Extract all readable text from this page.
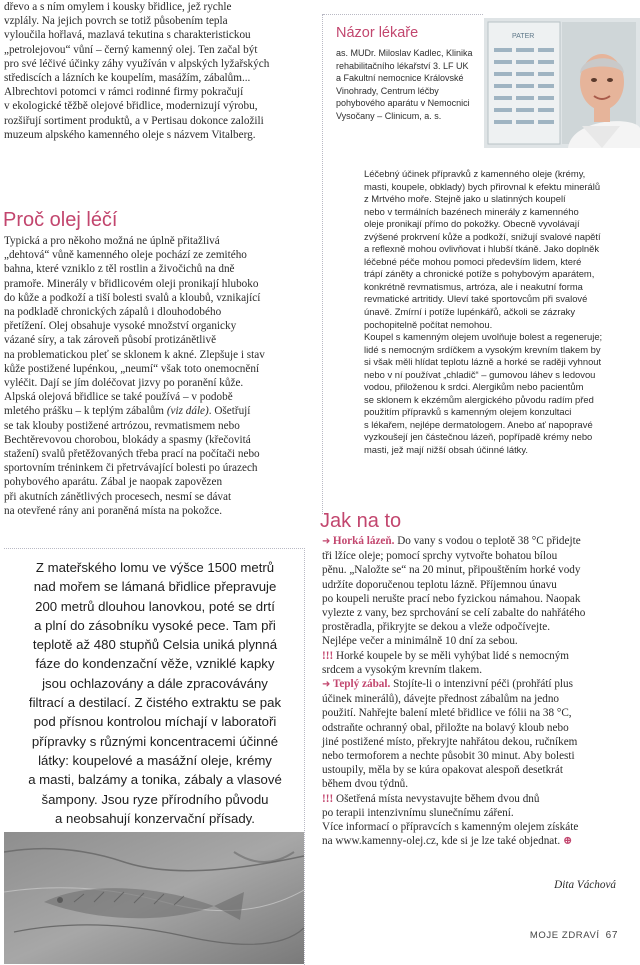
dřevo a s ním omylem i kousky břidlice, jež rychle
vzplály. Na jejich povrch se totiž působením tepla
vyloučila hořlavá, mazlavá tekutina s charakteristickou
„petrolejovou“ vůní – černý kamenný olej. Ten začal být
pro své léčivé účinky záhy využíván v alpských lyžařských
střediscích a lázních ke koupelím, masážím, zábalům...
Albrechtovi potomci v rámci rodinné firmy pokračují
v ekologické těžbě olejové břidlice, modernizují výrobu,
rozšiřují sortiment produktů, a v Pertisau dokonce založili
muzeum alpského kamenného oleje s názvem Vitalberg.
Proč olej léčí
Typická a pro někoho možná ne úplně přitažlivá
„dehtová“ vůně kamenného oleje pochází ze zemitého
bahna, které vzniklo z těl rostlin a živočichů na dně
pramoře. Minerály v břidlicovém oleji pronikají hluboko
do kůže a podkoží a tiší bolesti svalů a kloubů, vznikající
na podkladě chronických zápalů i dlouhodobého
přetížení. Olej obsahuje vysoké množství organicky
vázané síry, a tak zároveň působí protizánětlivě
na problematickou pleť se sklonem k akné. Zlepšuje i stav
kůže postižené lupénkou, „neumí“ však toto onemocnění
vyléčit. Dají se jím doléčovat jizvy po poranění kůže.
Alpská olejová břidlice se také používá – v podobě
mletého prášku – k teplým zábalům (viz dále). Ošetřují
se tak klouby postižené artrózou, revmatismem nebo
Bechtěrevovou chorobou, blokády a spasmy (křečovitá
stažení) svalů přetěžovaných třeba prací na počítači nebo
sportovním tréninkem či přetrvávající bolesti po úrazech
pohybového aparátu. Zábal je naopak zapovězen
při akutních zánětlivých procesech, nesmí se dávat
na otevřené rány ani poraněná místa na pokožce.
Názor lékaře
as. MUDr. Miloslav Kadlec, Klinika
rehabilitačního lékařství 3. LF UK
a Fakultní nemocnice Královské
Vinohrady, Centrum léčby
pohybového aparátu v Nemocnici
Vysočany – Clinicum, a. s.
PATER
Léčebný účinek přípravků z kamenného oleje (krémy,
masti, koupele, obklady) bych přirovnal k efektu minerálů
z Mrtvého moře. Stejně jako u slatinných koupelí
nebo v termálních bazénech minerály z kamenného
oleje pronikají přímo do pokožky. Obecně vyvolávají
zvýšené prokrvení kůže a podkoží, snižují svalové napětí
a reflexně mohou ovlivňovat i hlubší tkáně. Jako doplněk
léčebné péče mohou pomoci především lidem, které
trápí záněty a chronické potíže s pohybovým aparátem,
konkrétně revmatismus, artróza, ale i neakutní forma
revmatické artritidy. Uleví také sportovcům při svalové
únavě. Zmírní i potíže lupénkářů, ačkoli se zázraky
pochopitelně počítat nemohou.
Koupel s kamenným olejem uvolňuje bolest a regeneruje;
lidé s nemocným srdíčkem a vysokým krevním tlakem by
si však měli hlídat teplotu lázně a horké se raději vyhnout
nebo v ní používat „chladič“ – gumovou láhev s ledovou
vodou, přiloženou k srdci. Alergikům nebo pacientům
se sklonem k ekzémům alergického původu radím před
použitím přípravků s kamenným olejem konzultaci
s lékařem, nejlépe dermatologem. Anebo ať napopravé
vyzkoušejí jen částečnou lázeň, popřípadě krémy nebo
masti, jež mají nižší obsah účinné látky.
Z mateřského lomu ve výšce 1500 metrů
nad mořem se lámaná břidlice přepravuje
200 metrů dlouhou lanovkou, poté se drtí
a plní do zásobníku vysoké pece. Tam při
teplotě až 480 stupňů Celsia uniká plynná
fáze do kondenzační věže, vzniklé kapky
jsou ochlazovány a dále zpracovávány
filtrací a destilací. Z čistého extraktu se pak
pod přísnou kontrolou míchají v laboratoři
přípravky s různými koncentracemi účinné
látky: koupelové a masážní oleje, krémy
a masti, balzámy a tonika, zábaly a vlasové
šampony. Jsou ryze přírodního původu
a neobsahují konzervační přísady.
Jak na to
➜ Horká lázeň. Do vany s vodou o teplotě 38 °C přidejte
tři lžíce oleje; pomocí sprchy vytvořte bohatou bílou
pěnu. „Naložte se“ na 20 minut, připouštěním horké vody
udržíte doporučenou teplotu lázně. Příjemnou únavu
po koupeli nerušte prací nebo fyzickou námahou. Naopak
vylezte z vany, bez sprchování se celí zabalte do nahřátého
prostěradla, přikryjte se dekou a vleže odpočívejte.
Nejlépe večer a minimálně 10 dní za sebou.
!!! Horké koupele by se měli vyhýbat lidé s nemocným
srdcem a vysokým krevním tlakem.
➜ Teplý zábal. Stojíte-li o intenzivní péči (prohřátí plus
účinek minerálů), dávejte přednost zábalům na jedno
použití. Nahřejte balení mleté břidlice ve fólii na 38 °C,
odstraňte ochranný obal, přiložte na bolavý kloub nebo
jiné postižené místo, překryjte nahřátou dekou, ručníkem
nebo termoforem a nechte působit 30 minut. Aby bolesti
ustoupily, měla by se kúra opakovat alespoň desetkrát
během dvou týdnů.
!!! Ošetřená místa nevystavujte během dvou dnů
po terapii intenzivnímu slunečnímu záření.
Více informací o přípravcích s kamenným olejem získáte
na www.kamenny-olej.cz, kde si je lze také objednat. ⊕
Dita Váchová
MOJE ZDRAVÍ 67
